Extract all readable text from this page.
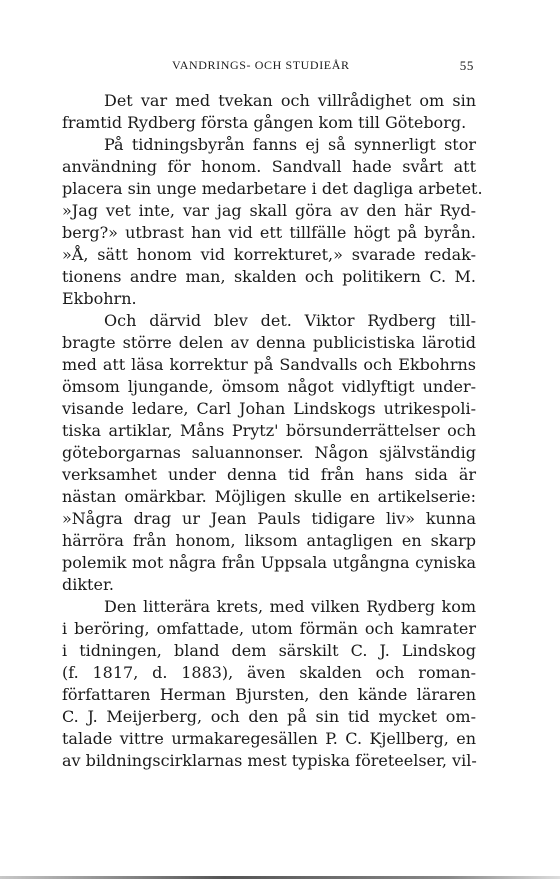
VANDRINGS- OCH STUDIEÅR	55
Det var med tvekan och villrådighet om sin
framtid Rydberg första gången kom till Göteborg.
På tidningsbyrån fanns ej så synnerligt stor
användning för honom. Sandvall hade svårt att
placera sin unge medarbetare i det dagliga arbetet.
»Jag vet inte, var jag skall göra av den här Ryd-
berg?» utbrast han vid ett tillfälle högt på byrån.
»Å, sätt honom vid korrekturet,» svarade redak-
tionens andre man, skalden och politikern C. M.
Ekbohrn.
Och därvid blev det. Viktor Rydberg till-
bragte större delen av denna publicistiska lärotid
med att läsa korrektur på Sandvalls och Ekbohrns
ömsom ljungande, ömsom något vidlyftigt under-
visande ledare, Carl Johan Lindskogs utrikespoli-
tiska artiklar, Måns Prytz' börsunderrättelser och
göteborgarnas saluannonser. Någon självständig
verksamhet under denna tid från hans sida är
nästan omärkbar. Möjligen skulle en artikelserie:
»Några drag ur Jean Pauls tidigare liv» kunna
härröra från honom, liksom antagligen en skarp
polemik mot några från Uppsala utgångna cyniska
dikter.
Den litterära krets, med vilken Rydberg kom
i beröring, omfattade, utom förmän och kamrater
i tidningen, bland dem särskilt C. J. Lindskog
(f. 1817, d. 1883), även skalden och roman-
författaren Herman Bjursten, den kände läraren
C. J. Meijerberg, och den på sin tid mycket om-
talade vittre urmakaregesällen P. C. Kjellberg, en
av bildningscirklarnas mest typiska företeelser, vil-
